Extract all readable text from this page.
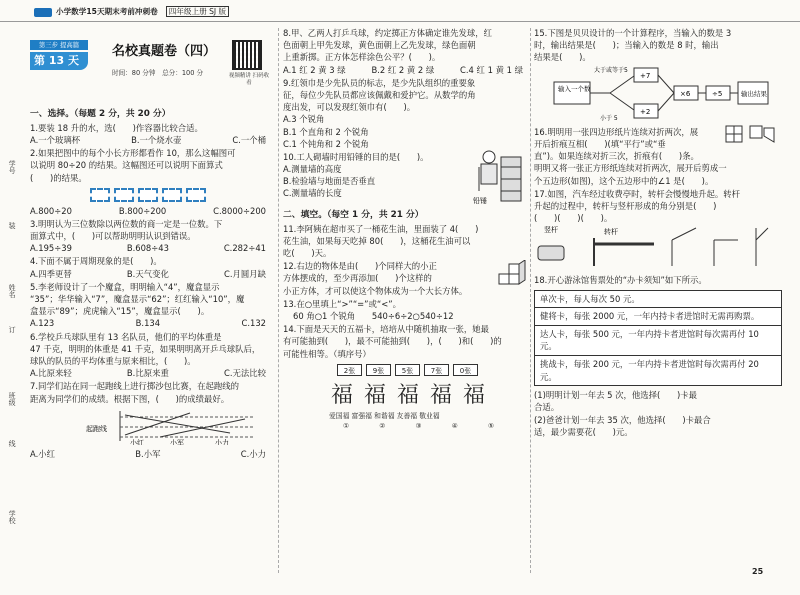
小学数学15天期末考前冲刺卷 四年级上册 SJ 版
学号
装
姓名
订
班级
线
学校
第三步 提高篇
第 13 天
名校真题卷（四）
时间：80 分钟　 总分：100 分	视频精讲 扫码收看
一、选择。（每题 2 分，共 20 分）
1.要装 18 升的水，选(　　)作容器比较合适。
A.一个玻璃杯	B.一个烧水壶	C.一个桶
2.如果把图中的每个小长方形都看作 10，那么这幅图可
以说明 80÷20 的结果。这幅图还可以说明下面算式
(　　)的结果。
A.800÷20	B.800÷200	C.8000÷200
3.明明认为三位数除以两位数的商一定是一位数。下
面算式中，(　　)可以帮助明明认识到错误。
A.195÷39	B.608÷43	C.282÷41
4.下面不属于周期现象的是(　　)。
A.四季更替	B.天气变化	C.月圆月缺
5.李老师设计了一个魔盒，明明输入“4”，魔盒显示
“35”；华华输入“7”，魔盒显示“62”；红红输入“10”，魔
盒显示“89”；虎虎输入“15”，魔盒显示(　　)。
A.123	B.134	C.132
6.学校乒乓球队里有 13 名队员，他们的平均体重是
47 千克，明明的体重是 41 千克，如果明明离开乒乓球队后，
球队的队员的平均体重与原来相比，(　　)。
A.比原来轻	B.比原来重	C.无法比较
7.同学们站在同一起跑线上进行掷沙包比赛，在起跑线的
距离为同学们的成绩。根据下图，(　　)的成绩最好。
起跑线
小红	小军	小力
A.小红	B.小军	C.小力
8.甲、乙两人打乒乓球，约定掷正方体确定谁先发球，红
色面朝上甲先发球，黄色面朝上乙先发球，绿色面朝
上重新掷。正方体怎样涂色公平？(　　)。
A.1 红 2 黄 3 绿	B.2 红 2 黄 2 绿	C.4 红 1 黄 1 绿
9.红领巾是少先队员的标志，是少先队组织的重要象
征，每位少先队员都应该佩戴和爱护它。从数学的角
度出发，可以发现红领巾有(　　)。
A.3 个锐角
B.1 个直角和 2 个锐角
C.1 个钝角和 2 个锐角
10.工人砌墙时用铅锤的目的是(　　)。
A.测量墙的高度
B.检验墙与地面是否垂直
C.测量墙的长度
铅锤
二、填空。（每空 1 分，共 21 分）
11.李阿姨在超市买了一桶花生油，里面装了 4(　　)
花生油，如果每天吃掉 80(　　)，这桶花生油可以
吃(　　)天。
12.右边的物体是由(　　)个同样大的小正
方体摆成的，至少再添加(　　)个这样的
小正方体，才可以使这个物体成为一个大长方体。
13.在○里填上“>”“=”或“<”。
60 角○1 个锐角　　 540÷6÷2○540÷12
14.下面是天天的五福卡，培培从中随机抽取一张，她最
有可能抽到(　　)，最不可能抽到(　　)，(　　)和(　　)的
可能性相等。（填序号）
2张	9张	5张	7张	0张
福 福 福 福 福
爱国福 富强福 和谐福 友善福 敬业福
① ② ③ ④ ⑤
15.下图是贝贝设计的一个计算程序，当输入的数是 3
时，输出结果是(　　)；当输入的数是 8 时，输出
结果是(　　)。
输入一个数
大于或等于5
小于 5
+7
+2
×6	÷5	输出结果
16.明明用一张四边形纸片连续对折两次，展
开后折痕互相(　　)(填“平行”或“垂
直”)。如果连续对折三次，折痕有(　　)条。
明明又将一张正方形纸连续对折两次，展开后剪成一
个五边形(如图)，这个五边形中的∠1 是(　　)。
17.如图，汽车经过收费亭时，转杆会慢慢地升起。转杆
升起的过程中，转杆与竖杆形成的角分别是(　　)
(　　)(　　)(　　)。
竖杆	转杆
18.开心游泳馆售票处的“办卡须知”如下所示。
单次卡，每人每次 50 元。
健将卡，每张 2000 元，一年内持卡者进馆时无需再购票。
达人卡，每张 500 元，一年内持卡者进馆时每次需再付 10 元。
挑战卡，每张 200 元，一年内持卡者进馆时每次需再付 20 元。
(1)明明计划一年去 5 次，他选择(　　)卡最
合适。
(2)爸爸计划一年去 35 次，他选择(　　)卡最合
适，最少需要花(　　)元。
25
